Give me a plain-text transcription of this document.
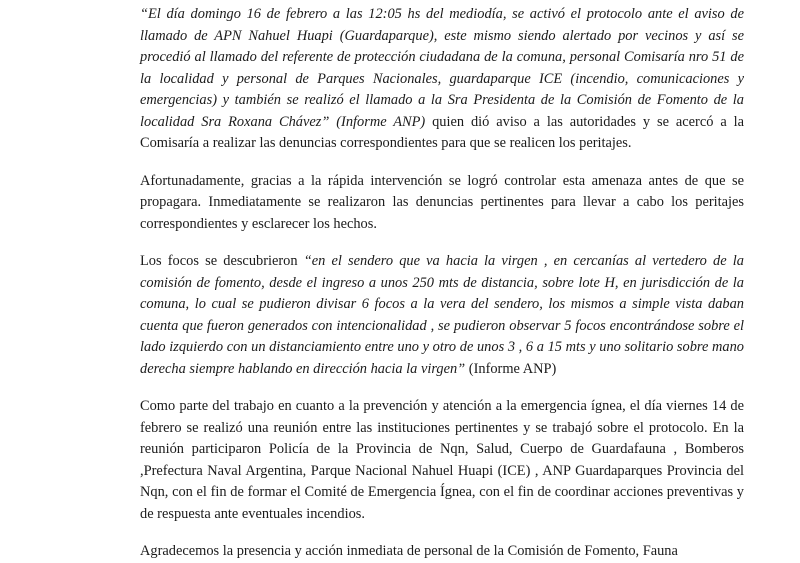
“El día domingo 16 de febrero a las 12:05 hs del mediodía, se activó el protocolo ante el aviso de llamado de APN Nahuel Huapi (Guardaparque), este mismo siendo alertado por vecinos y así se procedió al llamado del referente de protección ciudadana de la comuna, personal Comisaría nro 51 de la localidad y personal de Parques Nacionales, guardaparque ICE (incendio, comunicaciones y emergencias) y también se realizó el llamado a la Sra Presidenta de la Comisión de Fomento de la localidad Sra Roxana Chávez” (Informe ANP) quien dió aviso a las autoridades y se acercó a la Comisaría a realizar las denuncias correspondientes para que se realicen los peritajes.

Afortunadamente, gracias a la rápida intervención se logró controlar esta amenaza antes de que se propagara. Inmediatamente se realizaron las denuncias pertinentes para llevar a cabo los peritajes correspondientes y esclarecer los hechos.

Los focos se descubrieron “en el sendero que va hacia la virgen , en cercanías al vertedero de la comisión de fomento, desde el ingreso a unos 250 mts de distancia, sobre lote H, en jurisdicción de la comuna, lo cual se pudieron divisar 6 focos a la vera del sendero, los mismos a simple vista daban cuenta que fueron generados con intencionalidad , se pudieron observar 5 focos encontrándose sobre el lado izquierdo con un distanciamiento entre uno y otro de unos 3 , 6 a 15 mts y uno solitario sobre mano derecha siempre hablando en dirección hacia la virgen” (Informe ANP)

Como parte del trabajo en cuanto a la prevención y atención a la emergencia ígnea, el día viernes 14 de febrero se realizó una reunión entre las instituciones pertinentes y se trabajó sobre el protocolo. En la reunión participaron Policía de la Provincia de Nqn, Salud, Cuerpo de Guardafauna , Bomberos ,Prefectura Naval Argentina, Parque Nacional Nahuel Huapi (ICE) , ANP Guardaparques Provincia del Nqn, con el fin de formar el Comité de Emergencia Ígnea, con el fin de coordinar acciones preventivas y de respuesta ante eventuales incendios.

Agradecemos la presencia y acción inmediata de personal de la Comisión de Fomento, Fauna
